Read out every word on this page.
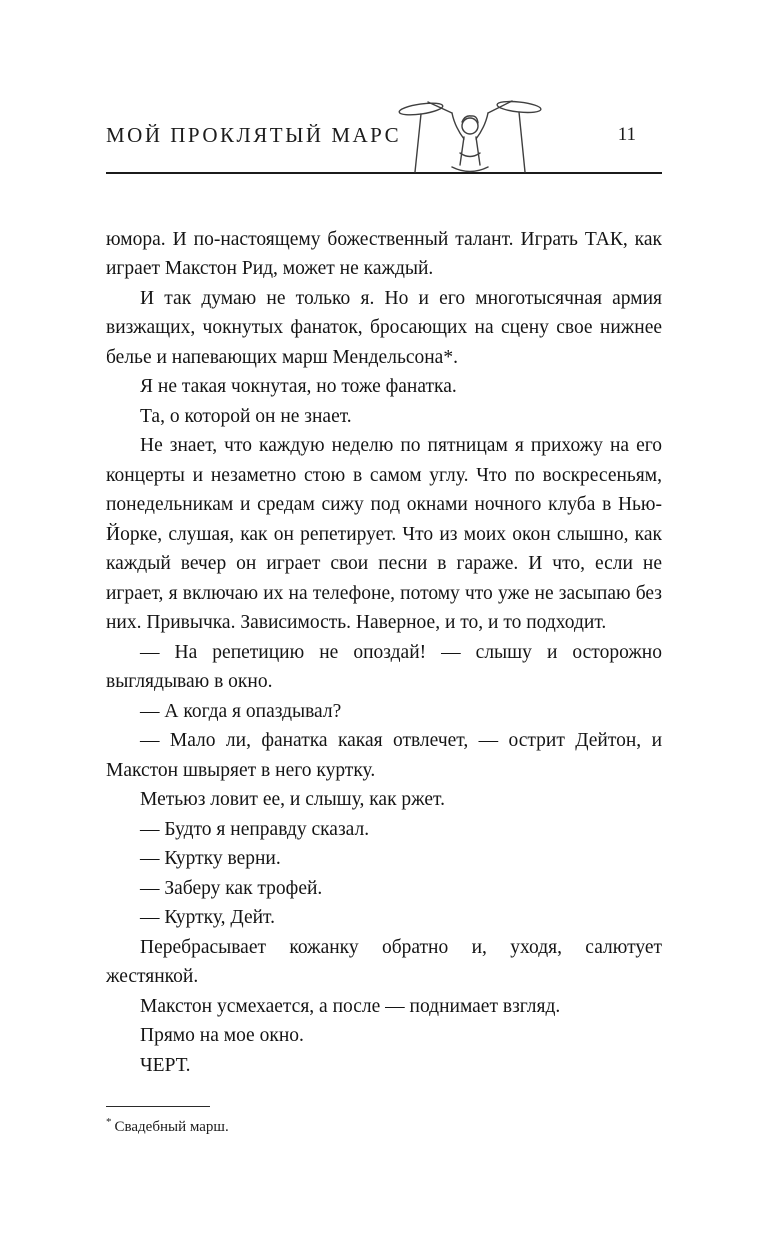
МОЙ ПРОКЛЯТЫЙ МАРС	11

юмора. И по-настоящему божественный талант. Играть ТАК, как играет Макстон Рид, может не каждый.

И так думаю не только я. Но и его многотысячная армия визжащих, чокнутых фанаток, бросающих на сцену свое нижнее белье и напевающих марш Мендельсона*.

Я не такая чокнутая, но тоже фанатка.

Та, о которой он не знает.

Не знает, что каждую неделю по пятницам я прихожу на его концерты и незаметно стою в самом углу. Что по воскресеньям, понедельникам и средам сижу под окнами ночного клуба в Нью-Йорке, слушая, как он репетирует. Что из моих окон слышно, как каждый вечер он играет свои песни в гараже. И что, если не играет, я включаю их на телефоне, потому что уже не засыпаю без них. Привычка. Зависимость. Наверное, и то, и то подходит.

— На репетицию не опоздай! — слышу и осторожно выглядываю в окно.

— А когда я опаздывал?

— Мало ли, фанатка какая отвлечет, — острит Дейтон, и Макстон швыряет в него куртку.

Метьюз ловит ее, и слышу, как ржет.

— Будто я неправду сказал.

— Куртку верни.

— Заберу как трофей.

— Куртку, Дейт.

Перебрасывает кожанку обратно и, уходя, салютует жестянкой.

Макстон усмехается, а после — поднимает взгляд.

Прямо на мое окно.

ЧЕРТ.

* Свадебный марш.
